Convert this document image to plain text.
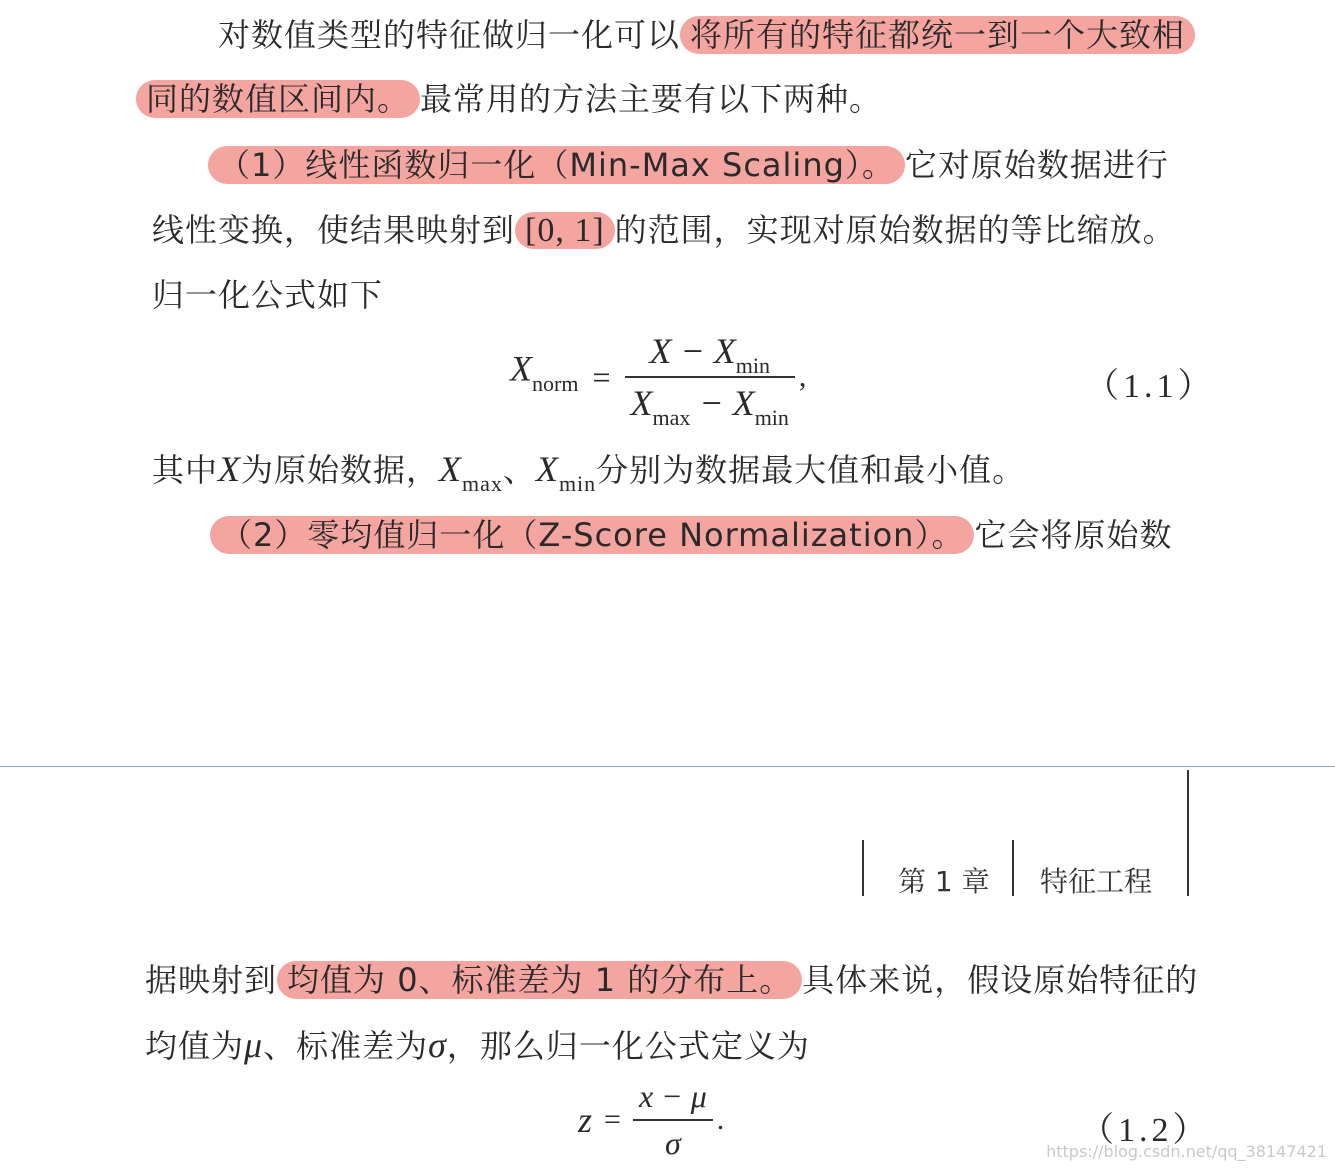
对数值类型的特征做归一化可以 将所有的特征都统一到一个大致相
同的数值区间内。 最常用的方法主要有以下两种。
（1）线性函数归一化（Min-Max Scaling）。 它对原始数据进行
线性变换，使结果映射到 [0, 1] 的范围，实现对原始数据的等比缩放。
归一化公式如下
Xnorm = $\frac{X - Xmin}{Xmax - Xmin}$ ,	（1.1）
其中X为原始数据，$X_{max}$、$X_{min}$分别为数据最大值和最小值。
（2）零均值归一化（Z-Score Normalization）。 它会将原始数
第 1 章 特征工程
据映射到 均值为 0、标准差为 1 的分布上。 具体来说，假设原始特征的
均值为μ、标准差为σ，那么归一化公式定义为
$z = \frac{x - \mu}{\sigma}$ .	（1.2）
https://blog.csdn.net/qq_38147421
